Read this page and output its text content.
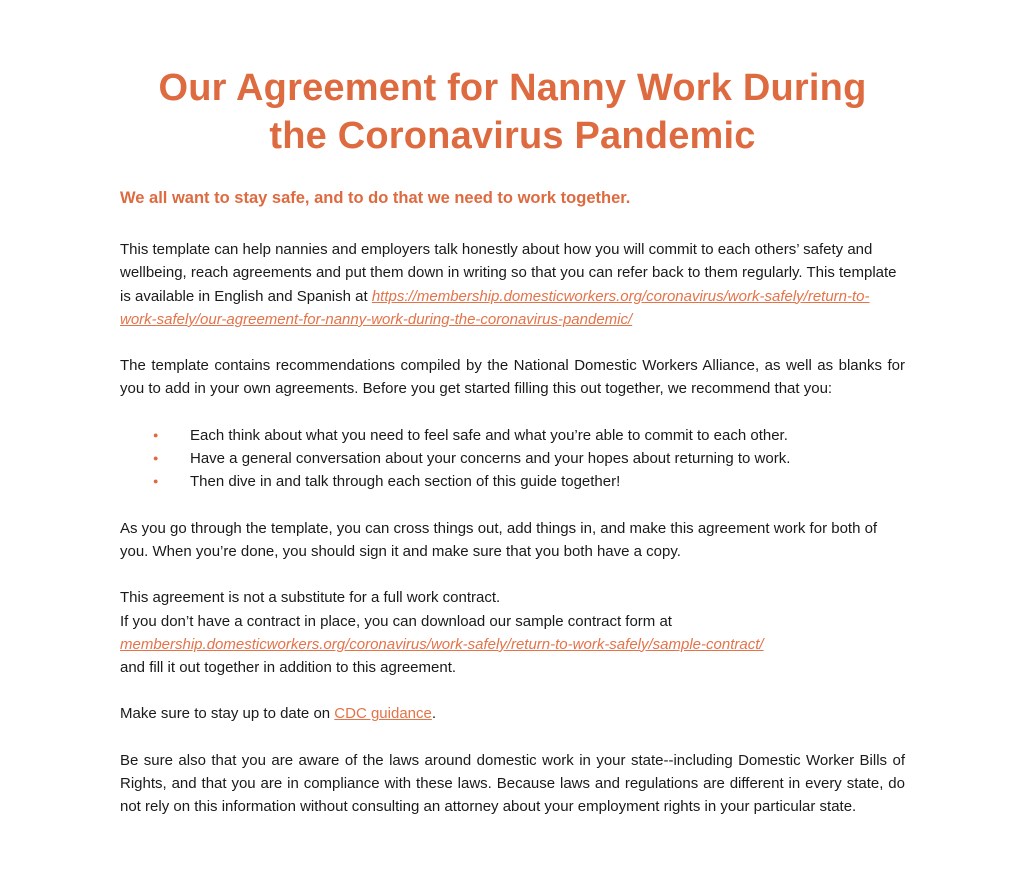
Our Agreement for Nanny Work During
the Coronavirus Pandemic

We all want to stay safe, and to do that we need to work together.

This template can help nannies and employers talk honestly about how you will commit to each others’ safety and wellbeing, reach agreements and put them down in writing so that you can refer back to them regularly. This template is available in English and Spanish at https://membership.domesticworkers.org/coronavirus/work-safely/return-to-work-safely/our-agreement-for-nanny-work-during-the-coronavirus-pandemic/

The template contains recommendations compiled by the National Domestic Workers Alliance, as well as blanks for you to add in your own agreements. Before you get started filling this out together, we recommend that you:

● Each think about what you need to feel safe and what you’re able to commit to each other.
● Have a general conversation about your concerns and your hopes about returning to work.
● Then dive in and talk through each section of this guide together!

As you go through the template, you can cross things out, add things in, and make this agreement work for both of you. When you’re done, you should sign it and make sure that you both have a copy.

This agreement is not a substitute for a full work contract.
If you don’t have a contract in place, you can download our sample contract form at
membership.domesticworkers.org/coronavirus/work-safely/return-to-work-safely/sample-contract/
and fill it out together in addition to this agreement.

Make sure to stay up to date on CDC guidance.

Be sure also that you are aware of the laws around domestic work in your state--including Domestic Worker Bills of Rights, and that you are in compliance with these laws. Because laws and regulations are different in every state, do not rely on this information without consulting an attorney about your employment rights in your particular state.
